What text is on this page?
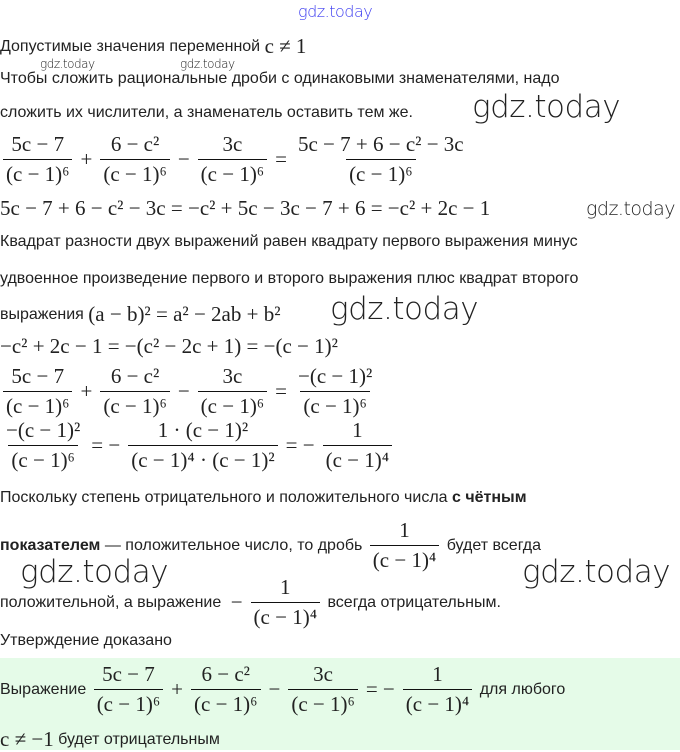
Допустимые значения переменной c ≠ 1
Чтобы сложить рациональные дроби с одинаковыми знаменателями, надо
сложить их числители, а знаменатель оставить тем же.
$\frac{5c - 7}{\text{(c − 1)⁶}} + \frac{\text{6 − c²}}{\text{(c − 1)⁶}} - \frac{3c}{\text{(c − 1)⁶}} = \frac{\text{5c − 7 + 6 − c² − 3c}}{\text{(c − 1)⁶}}$
5c − 7 + 6 − c² − 3c = −c² + 5c − 3c − 7 + 6 = −c² + 2c − 1
Квадрат разности двух выражений равен квадрату первого выражения минус
удвоенное произведение первого и второго выражения плюс квадрат второго
выражения (a − b)² = a² − 2ab + b²
−c² + 2c − 1 = −(c² − 2c + 1) = −(c − 1)²
$\frac{5c - 7}{\text{(c − 1)⁶}} + \frac{\text{6 − c²}}{\text{(c − 1)⁶}} - \frac{3c}{\text{(c − 1)⁶}} = \frac{\text{−(c − 1)²}}{\text{(c − 1)⁶}}$
$\frac{\text{−(c − 1)²}}{\text{(c − 1)⁶}}$ = − $\frac{\text{1 · (c − 1)²}}{\text{(c − 1)⁴ · (c − 1)²}}$ = − $\frac{1}{\text{(c − 1)⁴}}$
Поскольку степень отрицательного и положительного числа с чётным
показателем — положительное число, то дробь $\frac{1}{\text{(c − 1)⁴}}$ будет всегда
положительной, а выражение − $\frac{1}{\text{(c − 1)⁴}}$ всегда отрицательным.
Утверждение доказано
Выражение $\frac{5c - 7}{\text{(c − 1)⁶}} + \frac{\text{6 − c²}}{\text{(c − 1)⁶}} - \frac{3c}{\text{(c − 1)⁶}}$ = − $\frac{1}{\text{(c − 1)⁴}}$ для любого
c ≠ −1 будет отрицательным
gdz.today
gdz.today	gdz.today
gdz.today
gdz.today
gdz.today
gdz.today	gdz.today
